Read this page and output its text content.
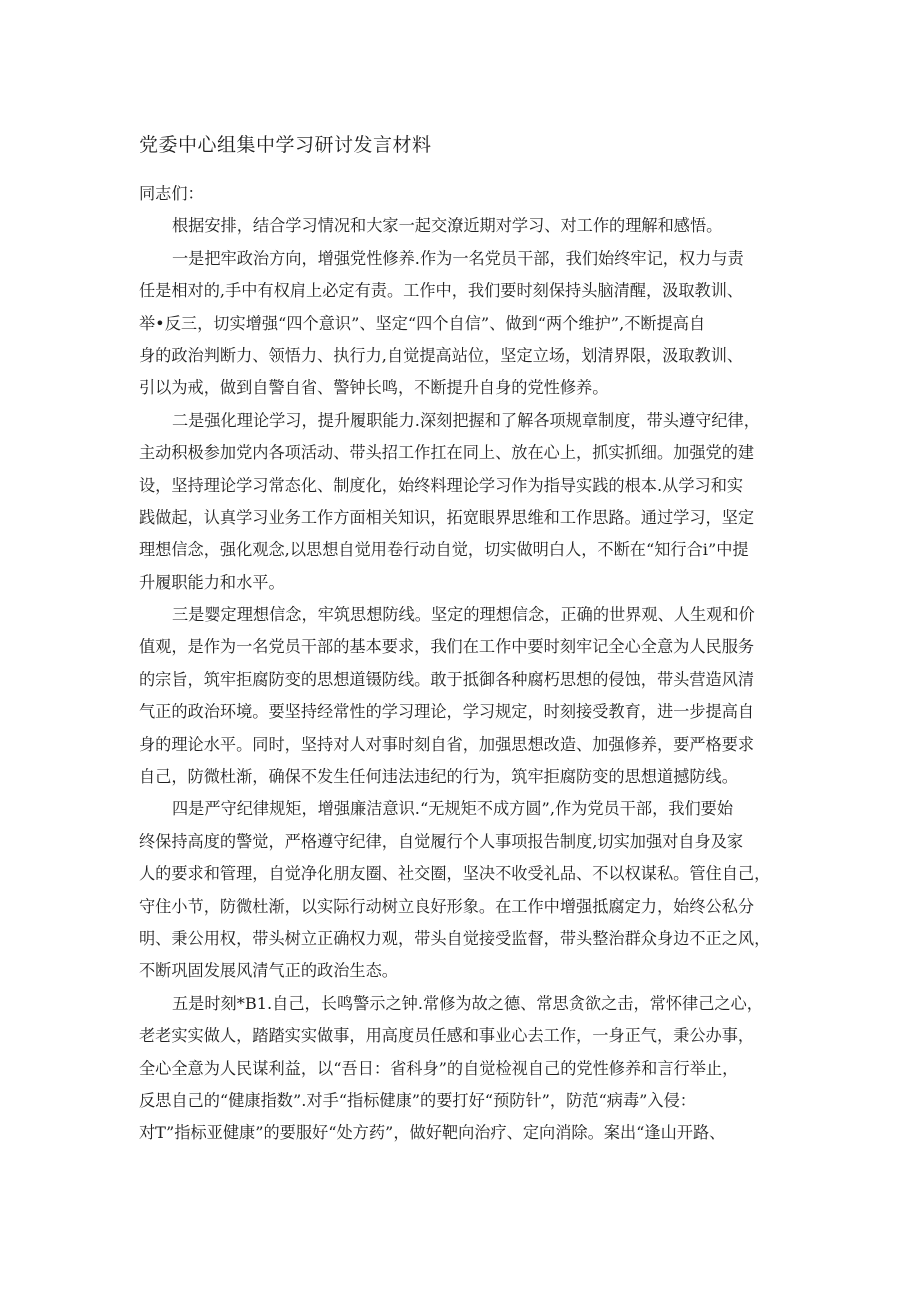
党委中心组集中学习研讨发言材料
同志们：
根据安排，结合学习情况和大家一起交潦近期对学习、对工作的理解和感悟。
一是把牢政治方向，增强党性修养.作为一名党员干部，我们始终牢记，权力与责
任是相对的,手中有权肩上必定有责。工作中，我们要时刻保持头脑清醒，汲取教训、
举•反三，切实增强“四个意识”、坚定“四个自信”、做到“两个维护”,不断提高自
身的政治判断力、领悟力、执行力,自觉提高站位，坚定立场，划清界限，汲取教训、
引以为戒，做到自警自省、警钟长鸣，不断提升自身的党性修养。
二是强化理论学习，提升履职能力.深刻把握和了解各项规章制度，带头遵守纪律，
主动积极参加党内各项活动、带头招工作扛在同上、放在心上，抓实抓细。加强党的建
设，坚持理论学习常态化、制度化，始终料理论学习作为指导实践的根本.从学习和实
践做起，认真学习业务工作方面相关知识，拓宽眼界思维和工作思路。通过学习，坚定
理想信念，强化观念,以思想自觉用卷行动自觉，切实做明白人，不断在“知行合i”中提
升履职能力和水平。
三是婴定理想信念，牢筑思想防线。坚定的理想信念，正确的世界观、人生观和价
值观，是作为一名党员干部的基本要求，我们在工作中要时刻牢记全心全意为人民服务
的宗旨，筑牢拒腐防变的思想道镊防线。敢于抵御各种腐朽思想的侵蚀，带头营造风清
气正的政治环境。要坚持经常性的学习理论，学习规定，时刻接受教育，进一步提高自
身的理论水平。同时，坚持对人对事时刻自省，加强思想改造、加强修养，要严格要求
自己，防微杜渐，确保不发生任何违法违纪的行为，筑牢拒腐防变的思想道撼防线。
四是严守纪律规矩，增强廉洁意识.“无规矩不成方圆”,作为党员干部，我们要始
终保持高度的警觉，严格遵守纪律，自觉履行个人事项报告制度,切实加强对自身及家
人的要求和管理，自觉净化朋友圈、社交圈，坚决不收受礼品、不以权谋私。管住自己，
守住小节，防微杜渐，以实际行动树立良好形象。在工作中增强抵腐定力，始终公私分
明、秉公用权，带头树立正确权力观，带头自觉接受监督，带头整治群众身边不正之风，
不断巩固发展风清气正的政治生态。
五是时刻*B1.自己，长鸣警示之钟.常修为故之德、常思贪欲之击，常怀律己之心，
老老实实做人，踏踏实实做事，用高度员任感和事业心去工作，一身正气，秉公办事，
全心全意为人民谋利益，以“吾日：省科身”的自觉检视自己的党性修养和言行举止，
反思自己的“健康指数”.对手“指标健康”的要打好“预防针”，防范“病毒”入侵：
对T”指标亚健康”的要服好“处方药”，做好靶向治疗、定向消除。案出“逢山开路、
